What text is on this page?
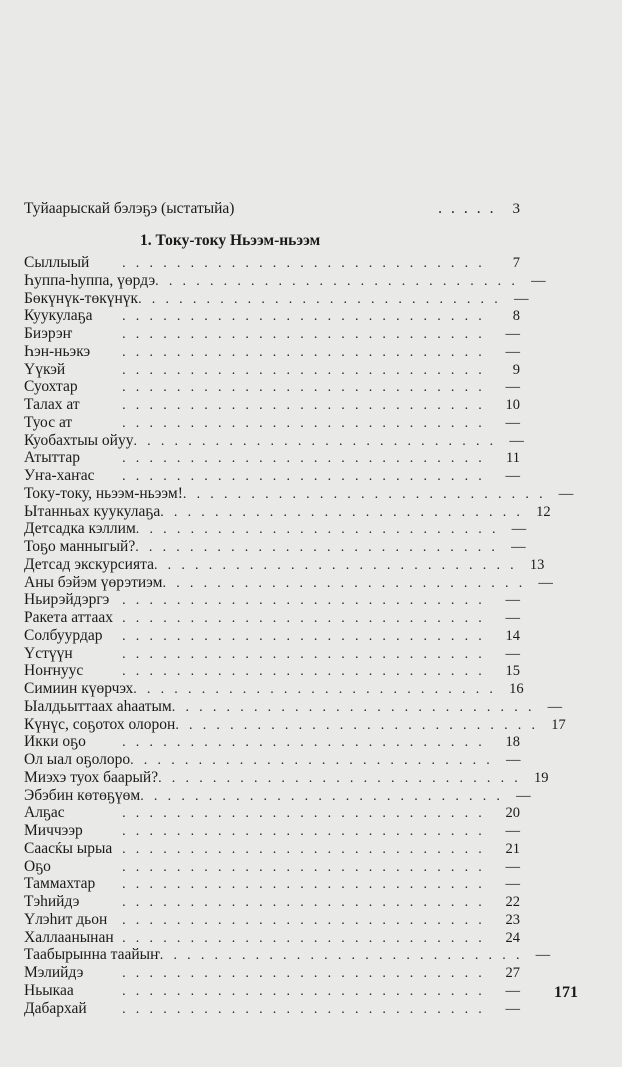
Туйаарыскай бэлэҕэ (ыстатыйа)	..... 3
1. Току-току Ньээм-ньээм
Сыллыый	...........................	7
Һуппа-һуппа, үөрдэ ........................... —
Бөкүнүк-төкүнүк ........................... —
Куукулаҕа	...........................	8
Биэрэҥ	........................... —
Һэн-ньэкэ	........................... —
Үүкэй	...........................	9
Суохтар	........................... —
Талах ат	........................... 10
Туос ат	........................... —
Куобахтыы ойуу ........................... —
Атыттар	........................... 11
Уҥа-хаҥас	........................... —
Току-току, ньээм-ньээм! ........................... —
Ытанньах куукулаҕа ........................... 12
Детсадка кэллим ........................... —
Тоҕо манныгый? ........................... —
Детсад экскурсията ........................... 13
Аны бэйэм үөрэтиэм ........................... —
Ньирэйдэргэ ........................... —
Ракета аттаах ........................... —
Солбуурдар	........................... 14
Үстүүн	........................... —
Ноҥнуус	........................... 15
Симиин күөрчэх ........................... 16
Ыалдьыттаах аһаатым ........................... —
Күнүс, соҕотох олорон ........................... 17
Икки оҕо	........................... 18
Ол ыал оҕолоро ........................... —
Миэхэ туох баарый? ........................... 19
Эбэбин көтөҕүөм ........................... —
Алҕас	........................... 20
Миччээр	........................... —
Саасќы ырыа ........................... 21
Оҕо	........................... —
Таммахтар	........................... —
Тэһийдэ	........................... 22
Үлэһит дьон	........................... 23
Халлаанынан ........................... 24
Таабырынна таайыҥ ........................... —
Мэлийдэ	........................... 27
Ньыкаа	........................... —
Дабархай	........................... —
171
